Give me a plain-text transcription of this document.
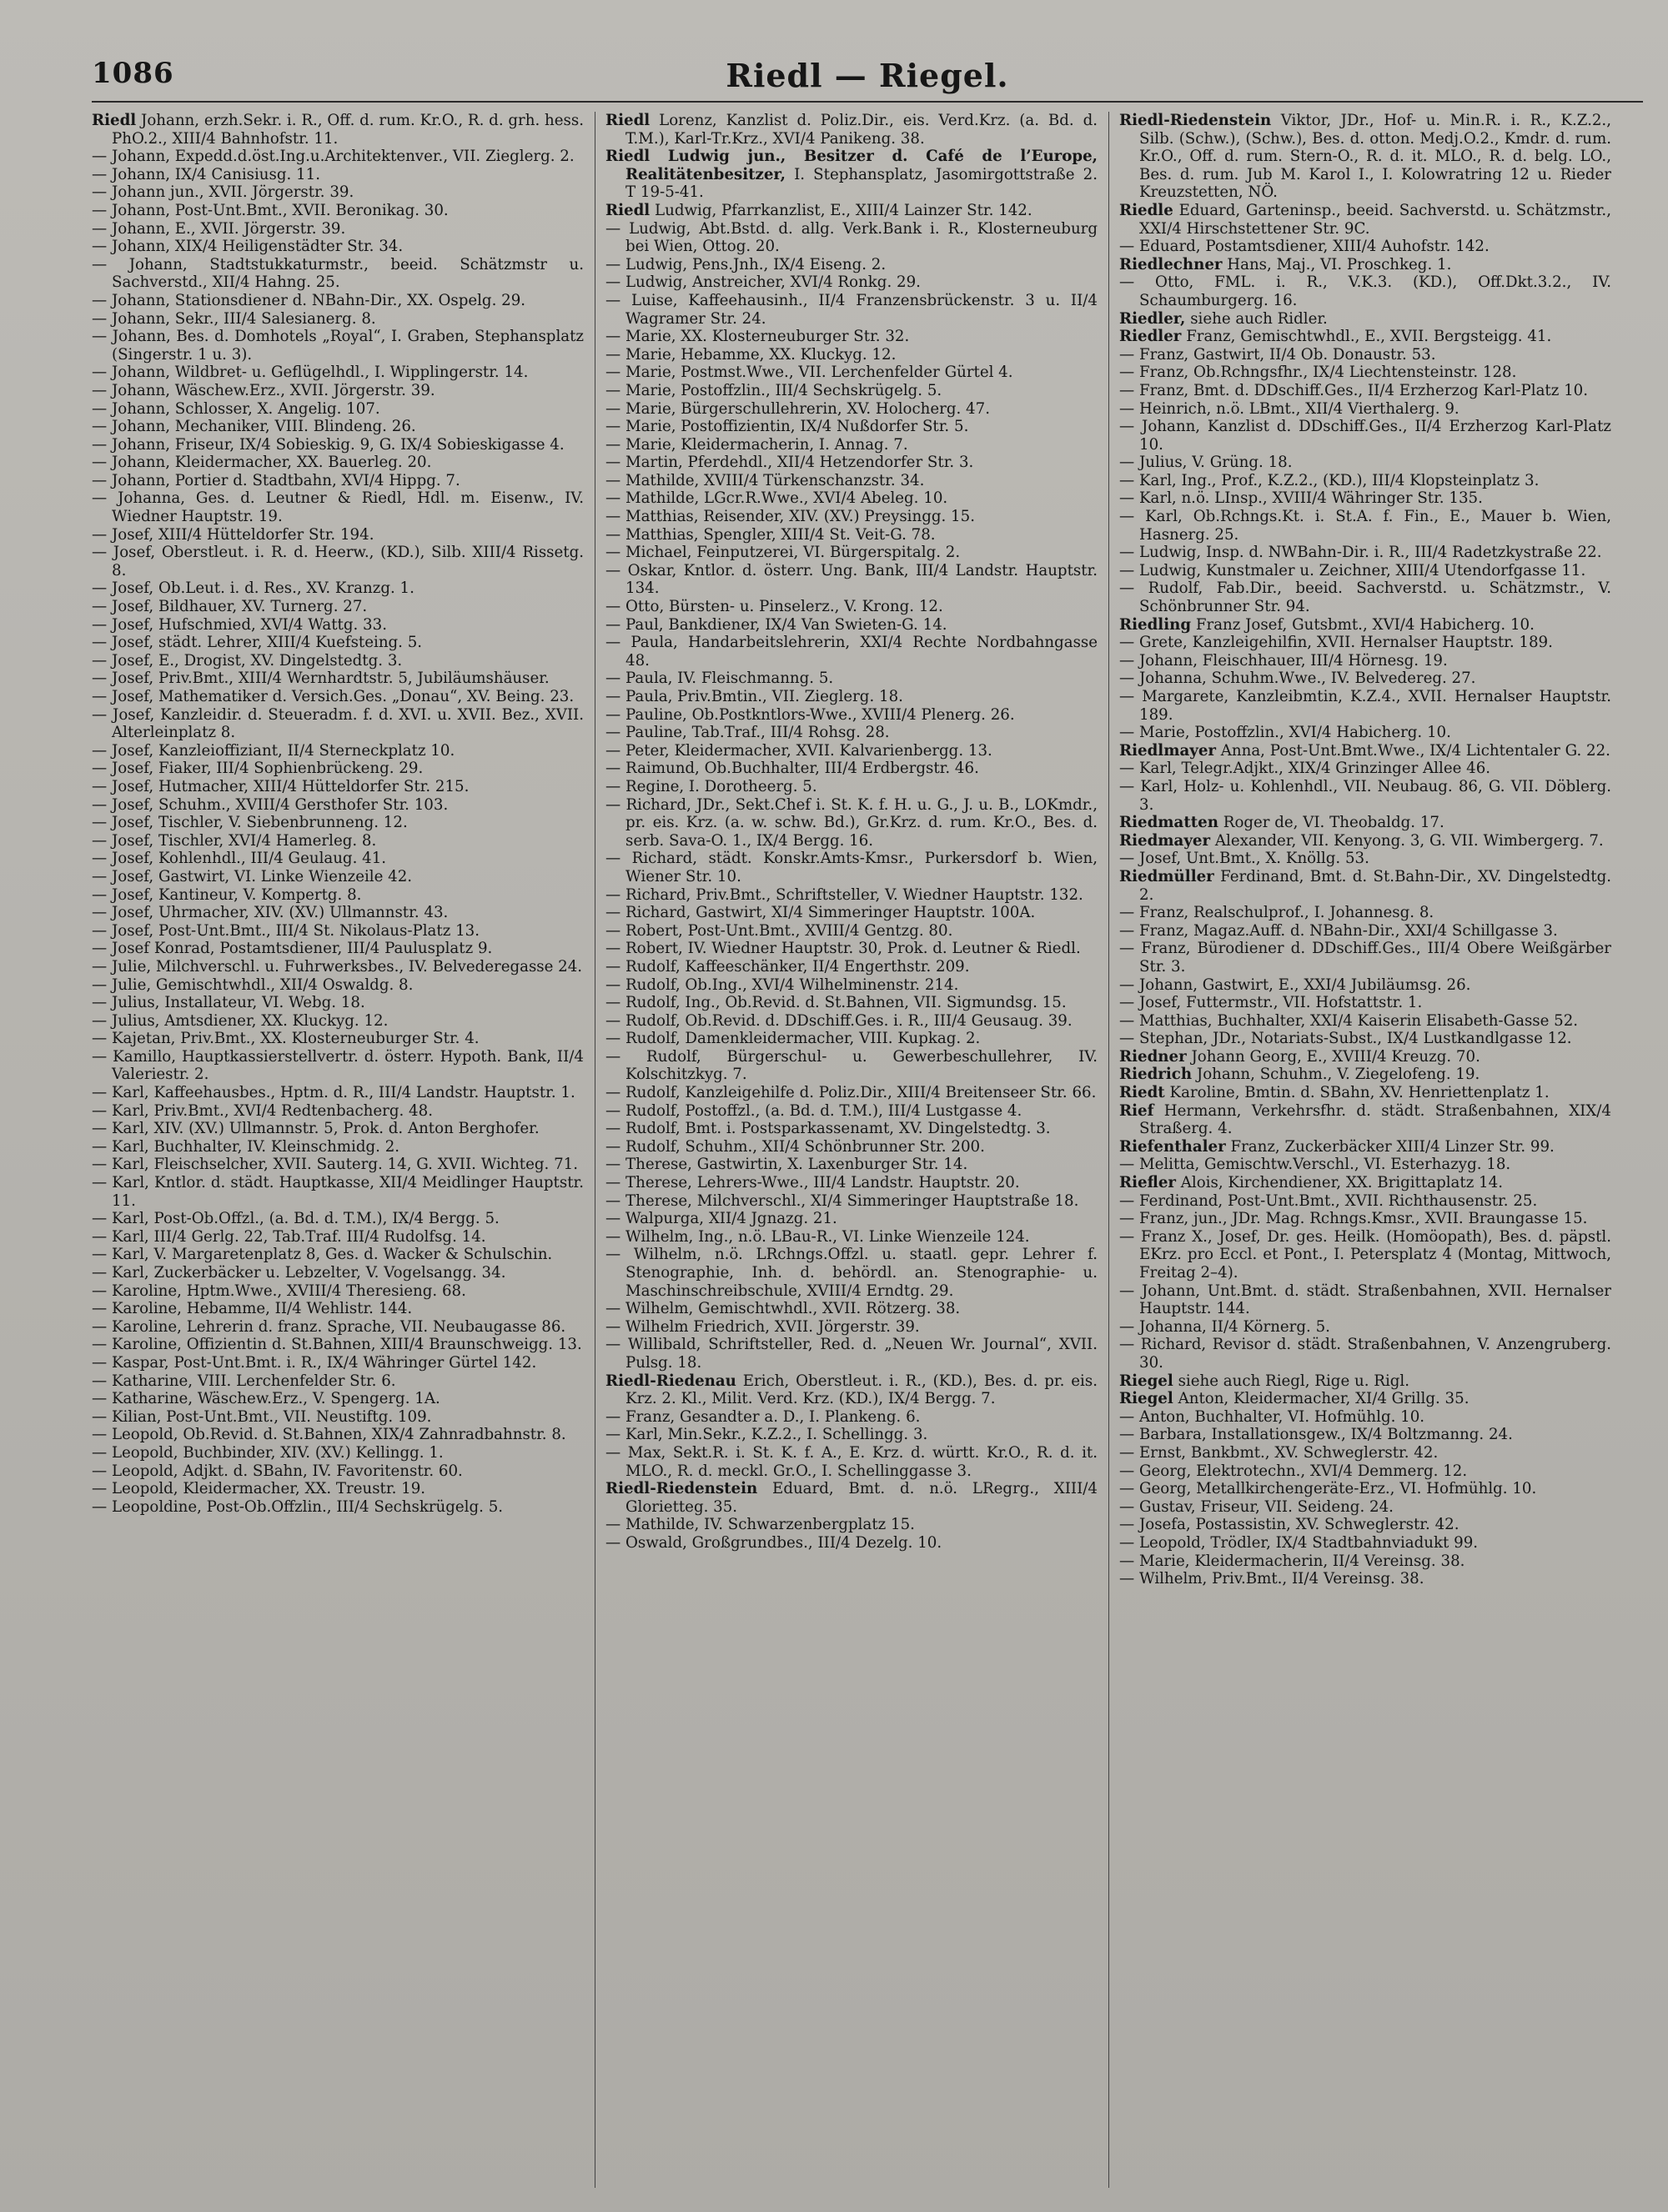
1086	Riedl — Riegel.

Riedl Johann, erzh.Sekr. i. R., Off. d. rum. Kr.O., R. d. grh. hess. PhO.2., XIII/4 Bahnhofstr. 11.

— Johann, Expedd.d.öst.Ing.u.Architektenver., VII. Zieglerg. 2.

— Johann, IX/4 Canisiusg. 11.

— Johann jun., XVII. Jörgerstr. 39.

— Johann, Post-Unt.Bmt., XVII. Beronikag. 30.

— Johann, E., XVII. Jörgerstr. 39.

— Johann, XIX/4 Heiligenstädter Str. 34.

— Johann, Stadtstukkaturmstr., beeid. Schätzmstr u. Sachverstd., XII/4 Hahng. 25.

— Johann, Stationsdiener d. NBahn-Dir., XX. Ospelg. 29.

— Johann, Sekr., III/4 Salesianerg. 8.

— Johann, Bes. d. Domhotels „Royal“, I. Graben, Stephansplatz (Singerstr. 1 u. 3).

— Johann, Wildbret- u. Geflügelhdl., I. Wipplingerstr. 14.

— Johann, Wäschew.Erz., XVII. Jörgerstr. 39.

— Johann, Schlosser, X. Angelig. 107.

— Johann, Mechaniker, VIII. Blindeng. 26.

— Johann, Friseur, IX/4 Sobieskig. 9, G. IX/4 Sobieskigasse 4.

— Johann, Kleidermacher, XX. Bauerleg. 20.

— Johann, Portier d. Stadtbahn, XVI/4 Hippg. 7.

— Johanna, Ges. d. Leutner & Riedl, Hdl. m. Eisenw., IV. Wiedner Hauptstr. 19.

— Josef, XIII/4 Hütteldorfer Str. 194.

— Josef, Oberstleut. i. R. d. Heerw., (KD.), Silb. XIII/4 Rissetg. 8.

— Josef, Ob.Leut. i. d. Res., XV. Kranzg. 1.

— Josef, Bildhauer, XV. Turnerg. 27.

— Josef, Hufschmied, XVI/4 Wattg. 33.

— Josef, städt. Lehrer, XIII/4 Kuefsteing. 5.

— Josef, E., Drogist, XV. Dingelstedtg. 3.

— Josef, Priv.Bmt., XIII/4 Wernhardtstr. 5, Jubiläumshäuser.

— Josef, Mathematiker d. Versich.Ges. „Donau“, XV. Being. 23.

— Josef, Kanzleidir. d. Steueradm. f. d. XVI. u. XVII. Bez., XVII. Alterleinplatz 8.

— Josef, Kanzleioffiziant, II/4 Sterneckplatz 10.

— Josef, Fiaker, III/4 Sophienbrückeng. 29.

— Josef, Hutmacher, XIII/4 Hütteldorfer Str. 215.

— Josef, Schuhm., XVIII/4 Gersthofer Str. 103.

— Josef, Tischler, V. Siebenbrunneng. 12.

— Josef, Tischler, XVI/4 Hamerleg. 8.

— Josef, Kohlenhdl., III/4 Geulaug. 41.

— Josef, Gastwirt, VI. Linke Wienzeile 42.

— Josef, Kantineur, V. Kompertg. 8.

— Josef, Uhrmacher, XIV. (XV.) Ullmannstr. 43.

— Josef, Post-Unt.Bmt., III/4 St. Nikolaus-Platz 13.

— Josef Konrad, Postamtsdiener, III/4 Paulusplatz 9.

— Julie, Milchverschl. u. Fuhrwerksbes., IV. Belvederegasse 24.

— Julie, Gemischtwhdl., XII/4 Oswaldg. 8.

— Julius, Installateur, VI. Webg. 18.

— Julius, Amtsdiener, XX. Kluckyg. 12.

— Kajetan, Priv.Bmt., XX. Klosterneuburger Str. 4.

— Kamillo, Hauptkassierstellvertr. d. österr. Hypoth. Bank, II/4 Valeriestr. 2.

— Karl, Kaffeehausbes., Hptm. d. R., III/4 Landstr. Hauptstr. 1.

— Karl, Priv.Bmt., XVI/4 Redtenbacherg. 48.

— Karl, XIV. (XV.) Ullmannstr. 5, Prok. d. Anton Berghofer.

— Karl, Buchhalter, IV. Kleinschmidg. 2.

— Karl, Fleischselcher, XVII. Sauterg. 14, G. XVII. Wichteg. 71.

— Karl, Kntlor. d. städt. Hauptkasse, XII/4 Meidlinger Hauptstr. 11.

— Karl, Post-Ob.Offzl., (a. Bd. d. T.M.), IX/4 Bergg. 5.

— Karl, III/4 Gerlg. 22, Tab.Traf. III/4 Rudolfsg. 14.

— Karl, V. Margaretenplatz 8, Ges. d. Wacker & Schulschin.

— Karl, Zuckerbäcker u. Lebzelter, V. Vogelsangg. 34.

— Karoline, Hptm.Wwe., XVIII/4 Theresieng. 68.

— Karoline, Hebamme, II/4 Wehlistr. 144.

— Karoline, Lehrerin d. franz. Sprache, VII. Neubaugasse 86.

— Karoline, Offizientin d. St.Bahnen, XIII/4 Braunschweigg. 13.

— Kaspar, Post-Unt.Bmt. i. R., IX/4 Währinger Gürtel 142.

— Katharine, VIII. Lerchenfelder Str. 6.

— Katharine, Wäschew.Erz., V. Spengerg. 1A.

— Kilian, Post-Unt.Bmt., VII. Neustiftg. 109.

— Leopold, Ob.Revid. d. St.Bahnen, XIX/4 Zahnradbahnstr. 8.

— Leopold, Buchbinder, XIV. (XV.) Kellingg. 1.

— Leopold, Adjkt. d. SBahn, IV. Favoritenstr. 60.

— Leopold, Kleidermacher, XX. Treustr. 19.

— Leopoldine, Post-Ob.Offzlin., III/4 Sechskrügelg. 5.

Riedl Lorenz, Kanzlist d. Poliz.Dir., eis. Verd.Krz. (a. Bd. d. T.M.), Karl-Tr.Krz., XVI/4 Panikeng. 38.

Riedl Ludwig jun., Besitzer d. Café de l’Europe, Realitätenbesitzer, I. Stephansplatz, Jasomirgottstraße 2. T 19-5-41.

Riedl Ludwig, Pfarrkanzlist, E., XIII/4 Lainzer Str. 142.

— Ludwig, Abt.Bstd. d. allg. Verk.Bank i. R., Klosterneuburg bei Wien, Ottog. 20.

— Ludwig, Pens.Jnh., IX/4 Eiseng. 2.

— Ludwig, Anstreicher, XVI/4 Ronkg. 29.

— Luise, Kaffeehausinh., II/4 Franzensbrückenstr. 3 u. II/4 Wagramer Str. 24.

— Marie, XX. Klosterneuburger Str. 32.

— Marie, Hebamme, XX. Kluckyg. 12.

— Marie, Postmst.Wwe., VII. Lerchenfelder Gürtel 4.

— Marie, Postoffzlin., III/4 Sechskrügelg. 5.

— Marie, Bürgerschullehrerin, XV. Holocherg. 47.

— Marie, Postoffizientin, IX/4 Nußdorfer Str. 5.

— Marie, Kleidermacherin, I. Annag. 7.

— Martin, Pferdehdl., XII/4 Hetzendorfer Str. 3.

— Mathilde, XVIII/4 Türkenschanzstr. 34.

— Mathilde, LGcr.R.Wwe., XVI/4 Abeleg. 10.

— Matthias, Reisender, XIV. (XV.) Preysingg. 15.

— Matthias, Spengler, XIII/4 St. Veit-G. 78.

— Michael, Feinputzerei, VI. Bürgerspitalg. 2.

— Oskar, Kntlor. d. österr. Ung. Bank, III/4 Landstr. Hauptstr. 134.

— Otto, Bürsten- u. Pinselerz., V. Krong. 12.

— Paul, Bankdiener, IX/4 Van Swieten-G. 14.

— Paula, Handarbeitslehrerin, XXI/4 Rechte Nordbahngasse 48.

— Paula, IV. Fleischmanng. 5.

— Paula, Priv.Bmtin., VII. Zieglerg. 18.

— Pauline, Ob.Postkntlors-Wwe., XVIII/4 Plenerg. 26.

— Pauline, Tab.Traf., III/4 Rohsg. 28.

— Peter, Kleidermacher, XVII. Kalvarienbergg. 13.

— Raimund, Ob.Buchhalter, III/4 Erdbergstr. 46.

— Regine, I. Dorotheerg. 5.

— Richard, JDr., Sekt.Chef i. St. K. f. H. u. G., J. u. B., LOKmdr., pr. eis. Krz. (a. w. schw. Bd.), Gr.Krz. d. rum. Kr.O., Bes. d. serb. Sava-O. 1., IX/4 Bergg. 16.

— Richard, städt. Konskr.Amts-Kmsr., Purkersdorf b. Wien, Wiener Str. 10.

— Richard, Priv.Bmt., Schriftsteller, V. Wiedner Hauptstr. 132.

— Richard, Gastwirt, XI/4 Simmeringer Hauptstr. 100A.

— Robert, Post-Unt.Bmt., XVIII/4 Gentzg. 80.

— Robert, IV. Wiedner Hauptstr. 30, Prok. d. Leutner & Riedl.

— Rudolf, Kaffeeschänker, II/4 Engerthstr. 209.

— Rudolf, Ob.Ing., XVI/4 Wilhelminenstr. 214.

— Rudolf, Ing., Ob.Revid. d. St.Bahnen, VII. Sigmundsg. 15.

— Rudolf, Ob.Revid. d. DDschiff.Ges. i. R., III/4 Geusaug. 39.

— Rudolf, Damenkleidermacher, VIII. Kupkag. 2.

— Rudolf, Bürgerschul- u. Gewerbeschullehrer, IV. Kolschitzkyg. 7.

— Rudolf, Kanzleigehilfe d. Poliz.Dir., XIII/4 Breitenseer Str. 66.

— Rudolf, Postoffzl., (a. Bd. d. T.M.), III/4 Lustgasse 4.

— Rudolf, Bmt. i. Postsparkassenamt, XV. Dingelstedtg. 3.

— Rudolf, Schuhm., XII/4 Schönbrunner Str. 200.

— Therese, Gastwirtin, X. Laxenburger Str. 14.

— Therese, Lehrers-Wwe., III/4 Landstr. Hauptstr. 20.

— Therese, Milchverschl., XI/4 Simmeringer Hauptstraße 18.

— Walpurga, XII/4 Jgnazg. 21.

— Wilhelm, Ing., n.ö. LBau-R., VI. Linke Wienzeile 124.

— Wilhelm, n.ö. LRchngs.Offzl. u. staatl. gepr. Lehrer f. Stenographie, Inh. d. behördl. an. Stenographie- u. Maschinschreibschule, XVIII/4 Erndtg. 29.

— Wilhelm, Gemischtwhdl., XVII. Rötzerg. 38.

— Wilhelm Friedrich, XVII. Jörgerstr. 39.

— Willibald, Schriftsteller, Red. d. „Neuen Wr. Journal“, XVII. Pulsg. 18.

Riedl-Riedenau Erich, Oberstleut. i. R., (KD.), Bes. d. pr. eis. Krz. 2. Kl., Milit. Verd. Krz. (KD.), IX/4 Bergg. 7.

— Franz, Gesandter a. D., I. Plankeng. 6.

— Karl, Min.Sekr., K.Z.2., I. Schellingg. 3.

— Max, Sekt.R. i. St. K. f. A., E. Krz. d. württ. Kr.O., R. d. it. MLO., R. d. meckl. Gr.O., I. Schellinggasse 3.

Riedl-Riedenstein Eduard, Bmt. d. n.ö. LRegrg., XIII/4 Glorietteg. 35.

— Mathilde, IV. Schwarzenbergplatz 15.

— Oswald, Großgrundbes., III/4 Dezelg. 10.

Riedl-Riedenstein Viktor, JDr., Hof- u. Min.R. i. R., K.Z.2., Silb. (Schw.), (Schw.), Bes. d. otton. Medj.O.2., Kmdr. d. rum. Kr.O., Off. d. rum. Stern-O., R. d. it. MLO., R. d. belg. LO., Bes. d. rum. Jub M. Karol I., I. Kolowratring 12 u. Rieder Kreuzstetten, NÖ.

Riedle Eduard, Garteninsp., beeid. Sachverstd. u. Schätzmstr., XXI/4 Hirschstettener Str. 9C.

— Eduard, Postamtsdiener, XIII/4 Auhofstr. 142.

Riedlechner Hans, Maj., VI. Proschkeg. 1.

— Otto, FML. i. R., V.K.3. (KD.), Off.Dkt.3.2., IV. Schaumburgerg. 16.

Riedler, siehe auch Ridler.

Riedler Franz, Gemischtwhdl., E., XVII. Bergsteigg. 41.

— Franz, Gastwirt, II/4 Ob. Donaustr. 53.

— Franz, Ob.Rchngsfhr., IX/4 Liechtensteinstr. 128.

— Franz, Bmt. d. DDschiff.Ges., II/4 Erzherzog Karl-Platz 10.

— Heinrich, n.ö. LBmt., XII/4 Vierthalerg. 9.

— Johann, Kanzlist d. DDschiff.Ges., II/4 Erzherzog Karl-Platz 10.

— Julius, V. Grüng. 18.

— Karl, Ing., Prof., K.Z.2., (KD.), III/4 Klopsteinplatz 3.

— Karl, n.ö. LInsp., XVIII/4 Währinger Str. 135.

— Karl, Ob.Rchngs.Kt. i. St.A. f. Fin., E., Mauer b. Wien, Hasnerg. 25.

— Ludwig, Insp. d. NWBahn-Dir. i. R., III/4 Radetzkystraße 22.

— Ludwig, Kunstmaler u. Zeichner, XIII/4 Utendorfgasse 11.

— Rudolf, Fab.Dir., beeid. Sachverstd. u. Schätzmstr., V. Schönbrunner Str. 94.

Riedling Franz Josef, Gutsbmt., XVI/4 Habicherg. 10.

— Grete, Kanzleigehilfin, XVII. Hernalser Hauptstr. 189.

— Johann, Fleischhauer, III/4 Hörnesg. 19.

— Johanna, Schuhm.Wwe., IV. Belvedereg. 27.

— Margarete, Kanzleibmtin, K.Z.4., XVII. Hernalser Hauptstr. 189.

— Marie, Postoffzlin., XVI/4 Habicherg. 10.

Riedlmayer Anna, Post-Unt.Bmt.Wwe., IX/4 Lichtentaler G. 22.

— Karl, Telegr.Adjkt., XIX/4 Grinzinger Allee 46.

— Karl, Holz- u. Kohlenhdl., VII. Neubaug. 86, G. VII. Döblerg. 3.

Riedmatten Roger de, VI. Theobaldg. 17.

Riedmayer Alexander, VII. Kenyong. 3, G. VII. Wimbergerg. 7.

— Josef, Unt.Bmt., X. Knöllg. 53.

Riedmüller Ferdinand, Bmt. d. St.Bahn-Dir., XV. Dingelstedtg. 2.

— Franz, Realschulprof., I. Johannesg. 8.

— Franz, Magaz.Auff. d. NBahn-Dir., XXI/4 Schillgasse 3.

— Franz, Bürodiener d. DDschiff.Ges., III/4 Obere Weißgärber Str. 3.

— Johann, Gastwirt, E., XXI/4 Jubiläumsg. 26.

— Josef, Futtermstr., VII. Hofstattstr. 1.

— Matthias, Buchhalter, XXI/4 Kaiserin Elisabeth-Gasse 52.

— Stephan, JDr., Notariats-Subst., IX/4 Lustkandlgasse 12.

Riedner Johann Georg, E., XVIII/4 Kreuzg. 70.

Riedrich Johann, Schuhm., V. Ziegelofeng. 19.

Riedt Karoline, Bmtin. d. SBahn, XV. Henriettenplatz 1.

Rief Hermann, Verkehrsfhr. d. städt. Straßenbahnen, XIX/4 Straßerg. 4.

Riefenthaler Franz, Zuckerbäcker XIII/4 Linzer Str. 99.

— Melitta, Gemischtw.Verschl., VI. Esterhazyg. 18.

Riefler Alois, Kirchendiener, XX. Brigittaplatz 14.

— Ferdinand, Post-Unt.Bmt., XVII. Richthausenstr. 25.

— Franz, jun., JDr. Mag. Rchngs.Kmsr., XVII. Braungasse 15.

— Franz X., Josef, Dr. ges. Heilk. (Homöopath), Bes. d. päpstl. EKrz. pro Eccl. et Pont., I. Petersplatz 4 (Montag, Mittwoch, Freitag 2–4).

— Johann, Unt.Bmt. d. städt. Straßenbahnen, XVII. Hernalser Hauptstr. 144.

— Johanna, II/4 Körnerg. 5.

— Richard, Revisor d. städt. Straßenbahnen, V. Anzengruberg. 30.

Riegel siehe auch Riegl, Rige u. Rigl.

Riegel Anton, Kleidermacher, XI/4 Grillg. 35.

— Anton, Buchhalter, VI. Hofmühlg. 10.

— Barbara, Installationsgew., IX/4 Boltzmanng. 24.

— Ernst, Bankbmt., XV. Schweglerstr. 42.

— Georg, Elektrotechn., XVI/4 Demmerg. 12.

— Georg, Metallkirchengeräte-Erz., VI. Hofmühlg. 10.

— Gustav, Friseur, VII. Seideng. 24.

— Josefa, Postassistin, XV. Schweglerstr. 42.

— Leopold, Trödler, IX/4 Stadtbahnviadukt 99.

— Marie, Kleidermacherin, II/4 Vereinsg. 38.

— Wilhelm, Priv.Bmt., II/4 Vereinsg. 38.
